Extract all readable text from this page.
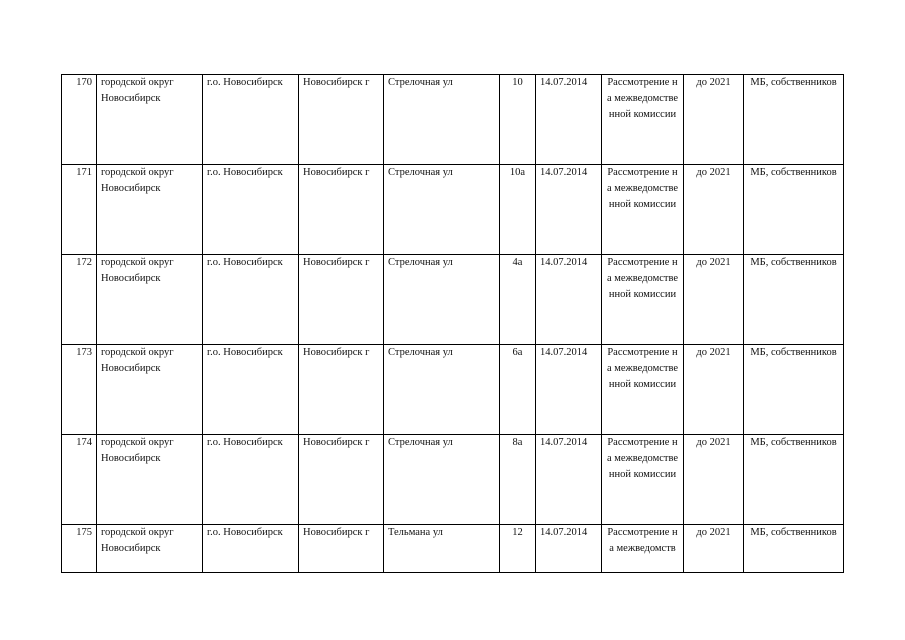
170	городской округ Новосибирск	г.о. Новосибирск	Новосибирск г	Стрелочная ул	10	14.07.2014	Рассмотрение на межведомственной комиссии	до 2021	МБ, собственников
171	городской округ Новосибирск	г.о. Новосибирск	Новосибирск г	Стрелочная ул	10а	14.07.2014	Рассмотрение на межведомственной комиссии	до 2021	МБ, собственников
172	городской округ Новосибирск	г.о. Новосибирск	Новосибирск г	Стрелочная ул	4а	14.07.2014	Рассмотрение на межведомственной комиссии	до 2021	МБ, собственников
173	городской округ Новосибирск	г.о. Новосибирск	Новосибирск г	Стрелочная ул	6а	14.07.2014	Рассмотрение на межведомственной комиссии	до 2021	МБ, собственников
174	городской округ Новосибирск	г.о. Новосибирск	Новосибирск г	Стрелочная ул	8а	14.07.2014	Рассмотрение на межведомственной комиссии	до 2021	МБ, собственников
175	городской округ Новосибирск	г.о. Новосибирск	Новосибирск г	Тельмана ул	12	14.07.2014	Рассмотрение на межведомств	до 2021	МБ, собственников
